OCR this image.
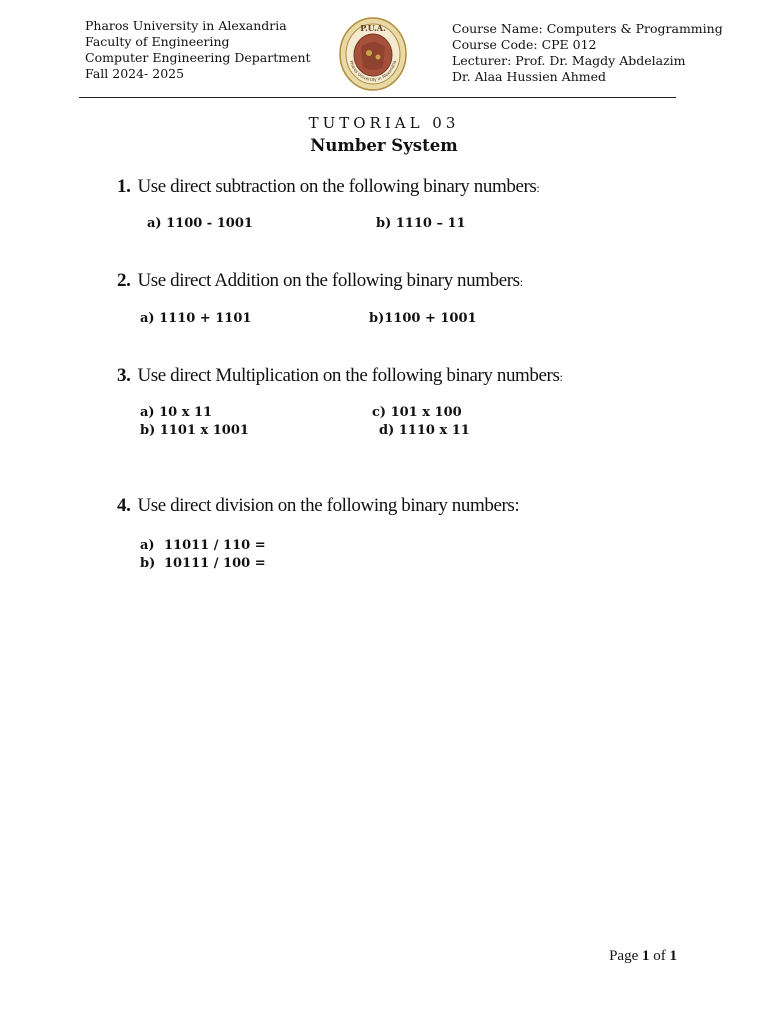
Pharos University in Alexandria
Faculty of Engineering
Computer Engineering Department
Fall 2024- 2025
P.U.A.
Pharos University in Alexandria
Course Name: Computers & Programming
Course Code: CPE 012
Lecturer: Prof. Dr. Magdy Abdelazim
Dr. Alaa Hussien Ahmed
TUTORIAL 03
Number System
1. Use direct subtraction on the following binary numbers:
a) 1100 - 1001	b) 1110 – 11
2. Use direct Addition on the following binary numbers:
a) 1110 + 1101	b)1100 + 1001
3. Use direct Multiplication on the following binary numbers:
a) 10 x 11	c) 101 x 100
b) 1101 x 1001	d) 1110 x 11
4. Use direct division on the following binary numbers:
a) 11011 / 110 =
b) 10111 / 100 =
Page 1 of 1
